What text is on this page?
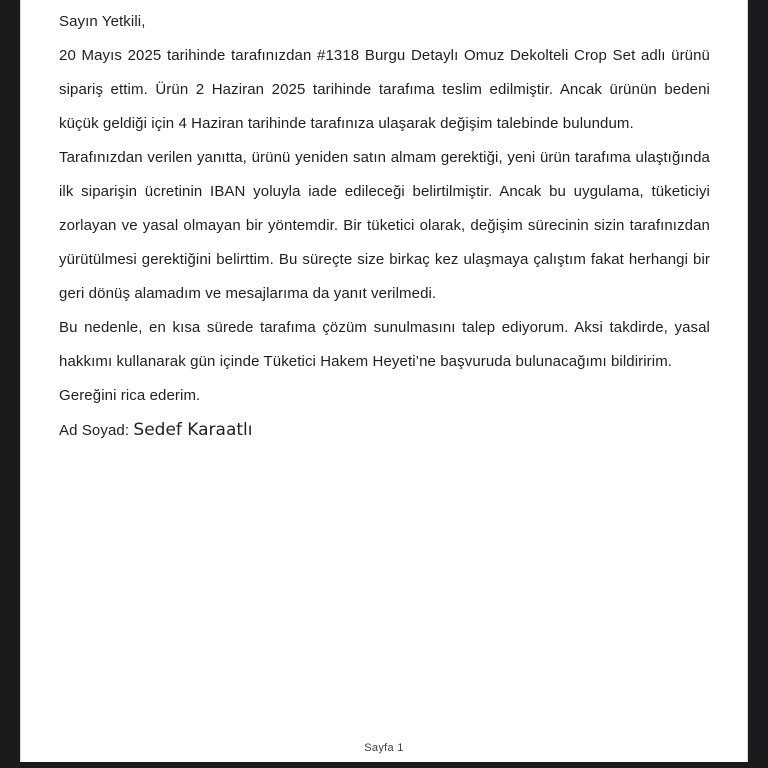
Sayın Yetkili,

20 Mayıs 2025 tarihinde tarafınızdan #1318 Burgu Detaylı Omuz Dekolteli Crop Set adlı ürünü sipariş ettim. Ürün 2 Haziran 2025 tarihinde tarafıma teslim edilmiştir. Ancak ürünün bedeni küçük geldiği için 4 Haziran tarihinde tarafınıza ulaşarak değişim talebinde bulundum.

Tarafınızdan verilen yanıtta, ürünü yeniden satın almam gerektiği, yeni ürün tarafıma ulaştığında ilk siparişin ücretinin IBAN yoluyla iade edileceği belirtilmiştir. Ancak bu uygulama, tüketiciyi zorlayan ve yasal olmayan bir yöntemdir. Bir tüketici olarak, değişim sürecinin sizin tarafınızdan yürütülmesi gerektiğini belirttim. Bu süreçte size birkaç kez ulaşmaya çalıştım fakat herhangi bir geri dönüş alamadım ve mesajlarıma da yanıt verilmedi.

Bu nedenle, en kısa sürede tarafıma çözüm sunulmasını talep ediyorum. Aksi takdirde, yasal hakkımı kullanarak gün içinde Tüketici Hakem Heyeti’ne başvuruda bulunacağımı bildiririm.

Gereğini rica ederim.

Ad Soyad: Sedef Karaatlı

Sayfa 1
